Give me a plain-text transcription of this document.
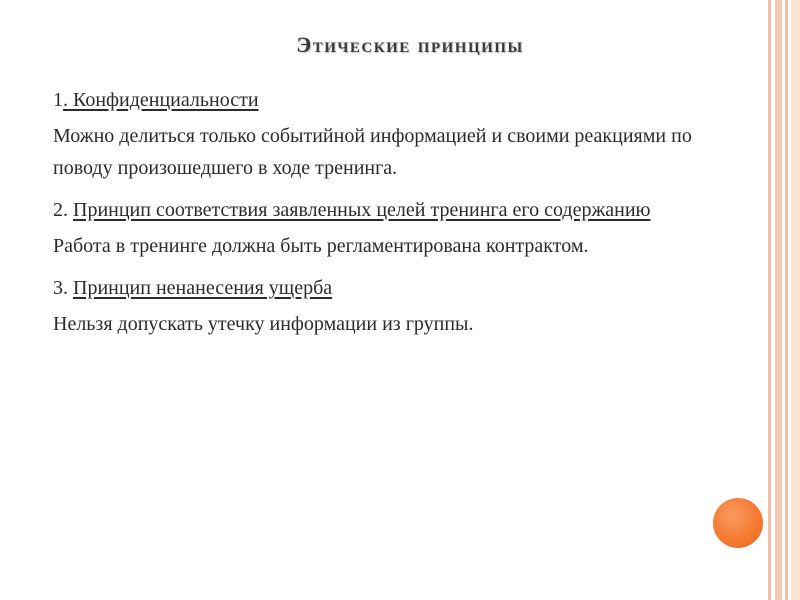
Этические принципы

1. Конфиденциальности

Можно делиться только событийной информацией и своими реакциями по поводу произошедшего в ходе тренинга.

2. Принцип соответствия заявленных целей тренинга его содержанию

Работа в тренинге должна быть регламентирована контрактом.

3. Принцип ненанесения ущерба

Нельзя допускать утечку информации из группы.
